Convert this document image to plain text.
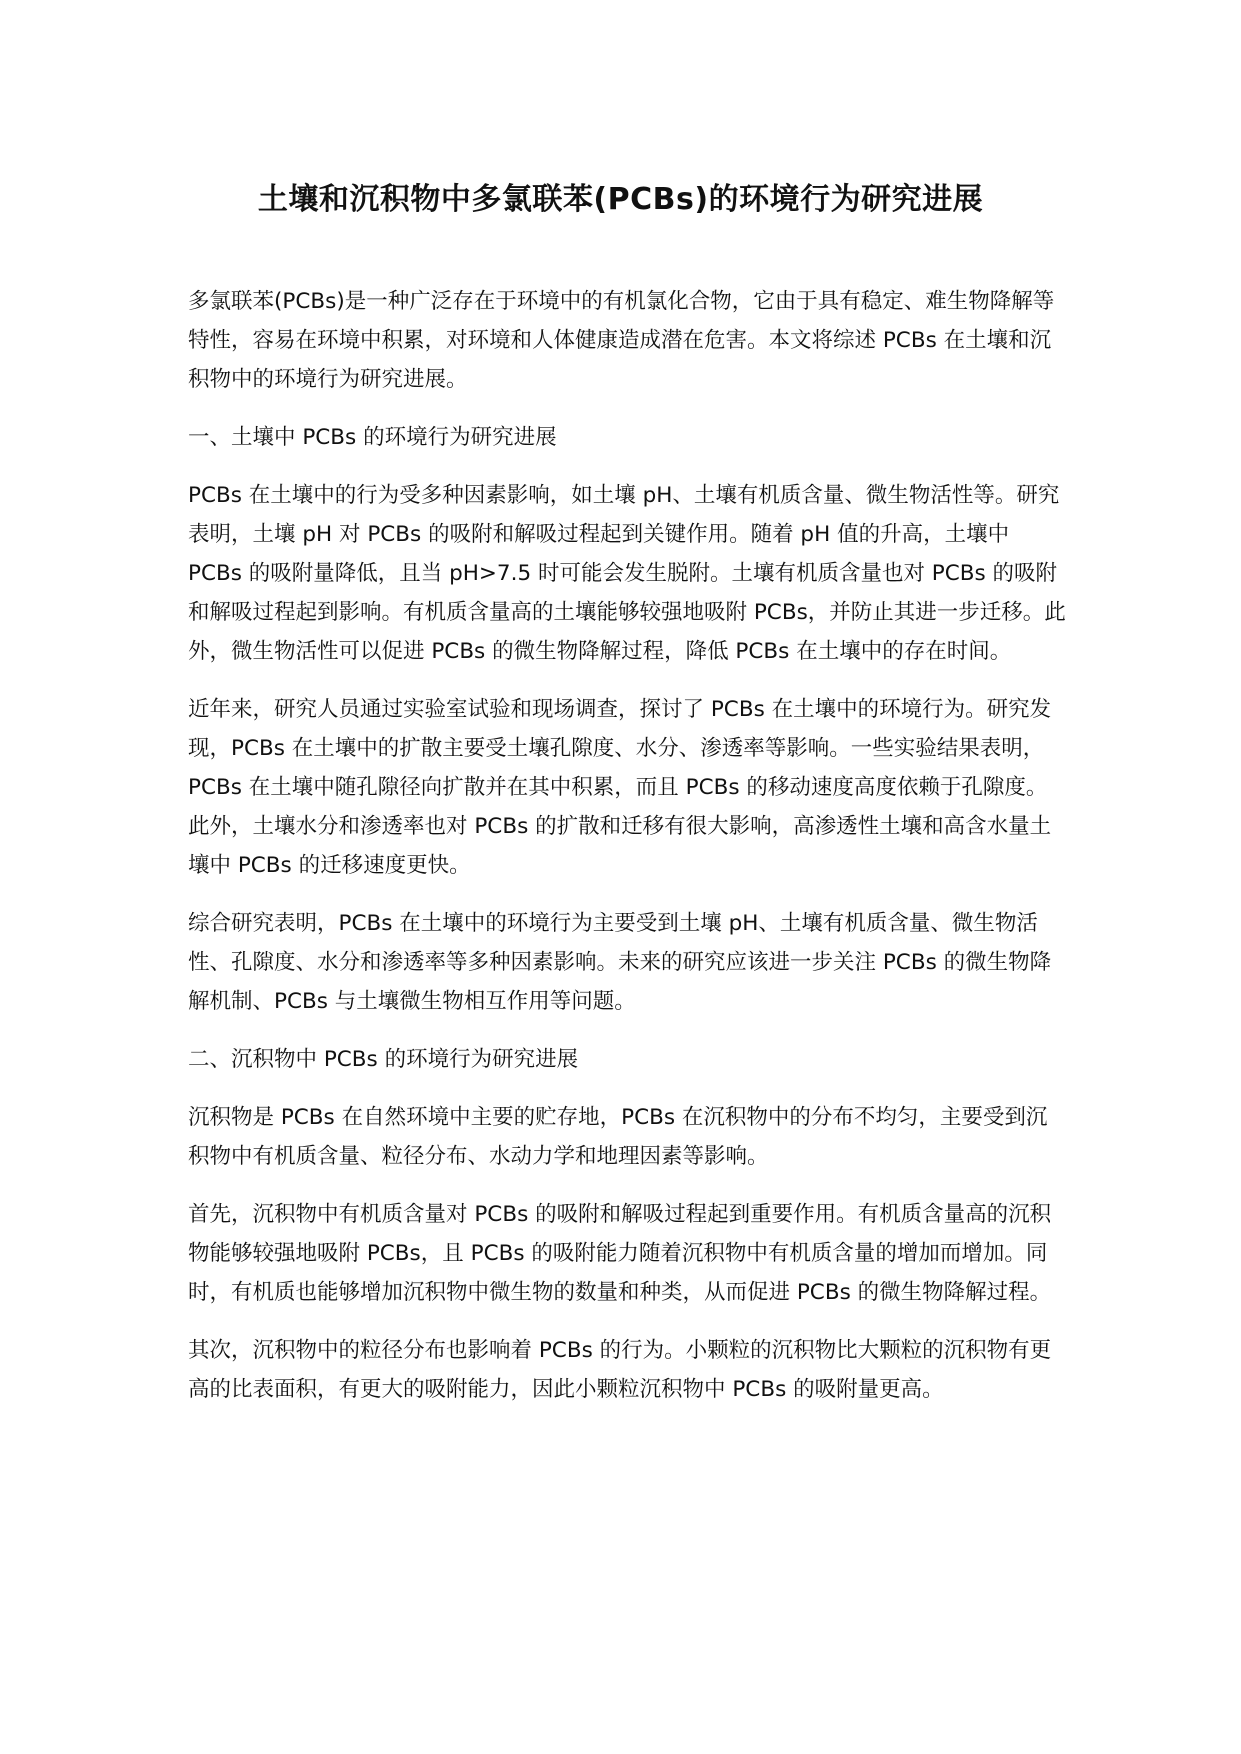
土壤和沉积物中多氯联苯(PCBs)的环境行为研究进展

多氯联苯(PCBs)是一种广泛存在于环境中的有机氯化合物，它由于具有稳定、难生物降解等特性，容易在环境中积累，对环境和人体健康造成潜在危害。本文将综述 PCBs 在土壤和沉积物中的环境行为研究进展。

一、土壤中 PCBs 的环境行为研究进展

PCBs 在土壤中的行为受多种因素影响，如土壤 pH、土壤有机质含量、微生物活性等。研究表明，土壤 pH 对 PCBs 的吸附和解吸过程起到关键作用。随着 pH 值的升高，土壤中 PCBs 的吸附量降低，且当 pH>7.5 时可能会发生脱附。土壤有机质含量也对 PCBs 的吸附和解吸过程起到影响。有机质含量高的土壤能够较强地吸附 PCBs，并防止其进一步迁移。此外，微生物活性可以促进 PCBs 的微生物降解过程，降低 PCBs 在土壤中的存在时间。

近年来，研究人员通过实验室试验和现场调查，探讨了 PCBs 在土壤中的环境行为。研究发现，PCBs 在土壤中的扩散主要受土壤孔隙度、水分、渗透率等影响。一些实验结果表明，PCBs 在土壤中随孔隙径向扩散并在其中积累，而且 PCBs 的移动速度高度依赖于孔隙度。此外，土壤水分和渗透率也对 PCBs 的扩散和迁移有很大影响，高渗透性土壤和高含水量土壤中 PCBs 的迁移速度更快。

综合研究表明，PCBs 在土壤中的环境行为主要受到土壤 pH、土壤有机质含量、微生物活性、孔隙度、水分和渗透率等多种因素影响。未来的研究应该进一步关注 PCBs 的微生物降解机制、PCBs 与土壤微生物相互作用等问题。

二、沉积物中 PCBs 的环境行为研究进展

沉积物是 PCBs 在自然环境中主要的贮存地，PCBs 在沉积物中的分布不均匀，主要受到沉积物中有机质含量、粒径分布、水动力学和地理因素等影响。

首先，沉积物中有机质含量对 PCBs 的吸附和解吸过程起到重要作用。有机质含量高的沉积物能够较强地吸附 PCBs，且 PCBs 的吸附能力随着沉积物中有机质含量的增加而增加。同时，有机质也能够增加沉积物中微生物的数量和种类，从而促进 PCBs 的微生物降解过程。

其次，沉积物中的粒径分布也影响着 PCBs 的行为。小颗粒的沉积物比大颗粒的沉积物有更高的比表面积，有更大的吸附能力，因此小颗粒沉积物中 PCBs 的吸附量更高。
